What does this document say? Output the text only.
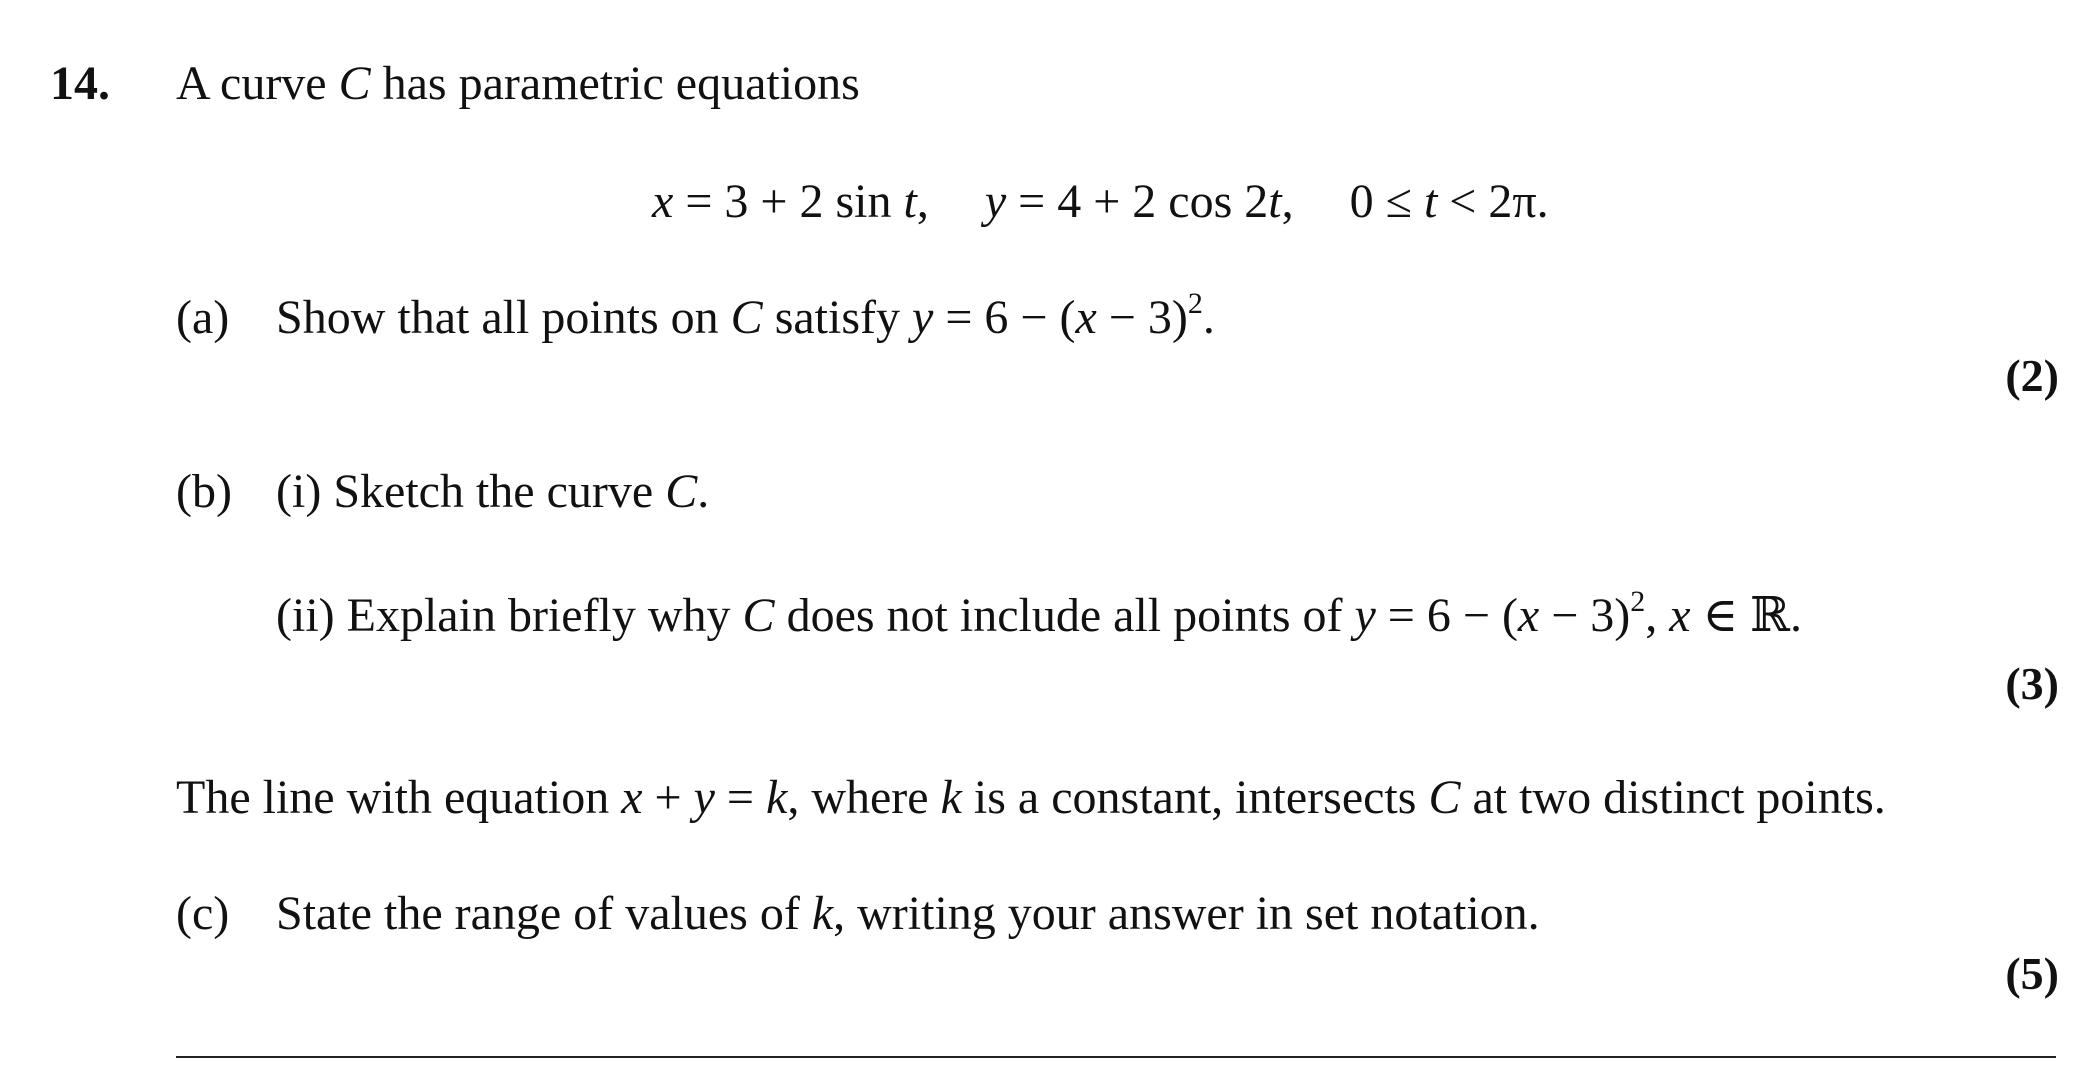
14. A curve C has parametric equations
x = 3 + 2 sin t, y = 4 + 2 cos 2t, 0 ≤ t < 2π.
(a) Show that all points on C satisfy $y = 6 - (x - 3)^2$.
(2)
(b) (i) Sketch the curve C.
(ii) Explain briefly why C does not include all points of $y = 6 - (x - 3)^2$, x ∈ ℝ.
(3)
The line with equation x + y = k, where k is a constant, intersects C at two distinct points.
(c) State the range of values of k, writing your answer in set notation.
(5)
